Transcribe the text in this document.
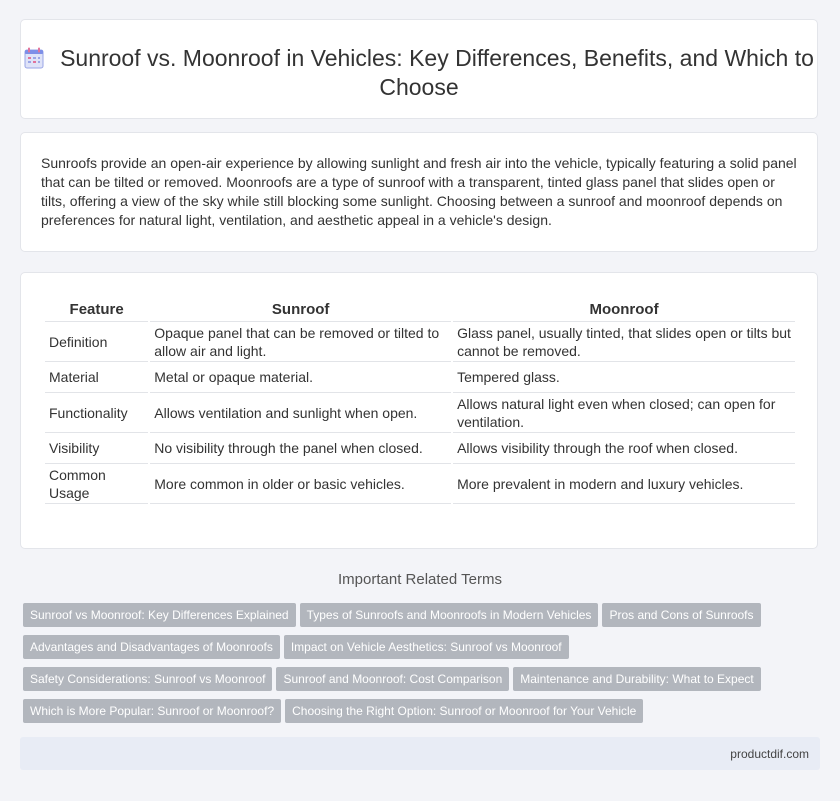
Sunroof vs. Moonroof in Vehicles: Key Differences, Benefits, and Which to Choose

Sunroofs provide an open-air experience by allowing sunlight and fresh air into the vehicle, typically featuring a solid panel that can be tilted or removed. Moonroofs are a type of sunroof with a transparent, tinted glass panel that slides open or tilts, offering a view of the sky while still blocking some sunlight. Choosing between a sunroof and moonroof depends on preferences for natural light, ventilation, and aesthetic appeal in a vehicle's design.

Feature	Sunroof	Moonroof
Definition	Opaque panel that can be removed or tilted to allow air and light.	Glass panel, usually tinted, that slides open or tilts but cannot be removed.
Material	Metal or opaque material.	Tempered glass.
Functionality	Allows ventilation and sunlight when open.	Allows natural light even when closed; can open for ventilation.
Visibility	No visibility through the panel when closed.	Allows visibility through the roof when closed.
Common Usage	More common in older or basic vehicles.	More prevalent in modern and luxury vehicles.
Important Related Terms
Sunroof vs Moonroof: Key Differences Explained Types of Sunroofs and Moonroofs in Modern Vehicles Pros and Cons of Sunroofs
Advantages and Disadvantages of Moonroofs Impact on Vehicle Aesthetics: Sunroof vs Moonroof
Safety Considerations: Sunroof vs Moonroof Sunroof and Moonroof: Cost Comparison Maintenance and Durability: What to Expect
Which is More Popular: Sunroof or Moonroof? Choosing the Right Option: Sunroof or Moonroof for Your Vehicle
productdif.com
